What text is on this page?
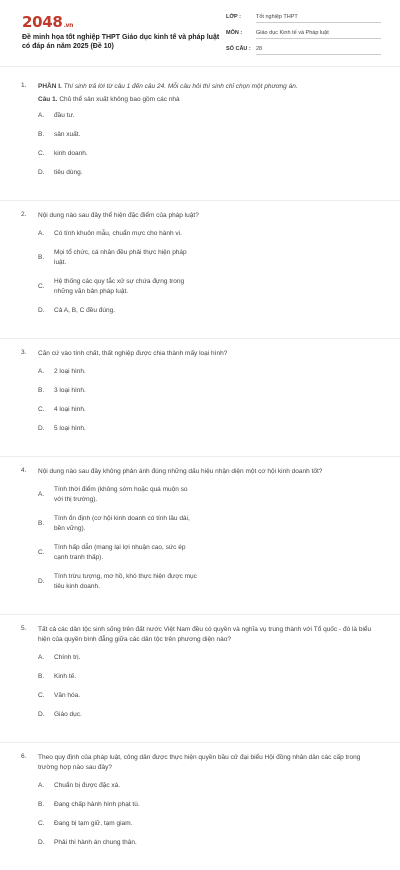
2048.vn
Đề minh họa tốt nghiệp THPT Giáo dục kinh tế và pháp luật có đáp án năm 2025 (Đề 10)
LỚP :	Tốt nghiệp THPT
MÔN :	Giáo dục Kinh tế và Pháp luật
SỐ CÂU : 28
1. PHẦN I. Thí sinh trả lời từ câu 1 đến câu 24. Mỗi câu hỏi thí sinh chỉ chọn một phương án.
Câu 1. Chủ thể sản xuất không bao gồm các nhà
A.	đầu tư.
B.	sản xuất.
C.	kinh doanh.
D.	tiêu dùng.
2. Nội dung nào sau đây thể hiện đặc điểm của pháp luật?
A.	Có tính khuôn mẫu, chuẩn mực cho hành vi.
B.
Mọi tổ chức, cá nhân đều phải thực hiện pháp luật.
C.
Hệ thống các quy tắc xử sự chứa đựng trong những văn bản pháp luật.
D.	Cả A, B, C đều đúng.
3. Căn cứ vào tính chất, thất nghiệp được chia thành mấy loại hình?
A.	2 loại hình.
B.	3 loại hình.
C.	4 loại hình.
D.	5 loại hình.
4. Nội dung nào sau đây không phản ánh đúng những dấu hiệu nhận diện một cơ hội kinh doanh tốt?
A.
Tính thời điểm (không sớm hoặc quá muộn so với thị trường).
B.
Tính ổn định (cơ hội kinh doanh có tính lâu dài, bền vững).
C.
Tính hấp dẫn (mang lại lợi nhuận cao, sức ép cạnh tranh thấp).
D.
Tính trừu tượng, mơ hồ, khó thực hiện được mục tiêu kinh doanh.
5. Tất cả các dân tộc sinh sống trên đất nước Việt Nam đều có quyền và nghĩa vụ trung thành với Tổ quốc - đó là biểu hiện của quyền bình đẳng giữa các dân tộc trên phương diện nào?
A.	Chính trị.
B.	Kinh tế.
C.	Văn hóa.
D.	Giáo dục.
6. Theo quy định của pháp luật, công dân được thực hiện quyền bầu cử đại biểu Hội đồng nhân dân các cấp trong trường hợp nào sau đây?
A.	Chuẩn bị được đặc xá.
B.	Đang chấp hành hình phạt tù.
C.	Đang bị tạm giữ, tạm giam.
D.	Phải thi hành án chung thân.
